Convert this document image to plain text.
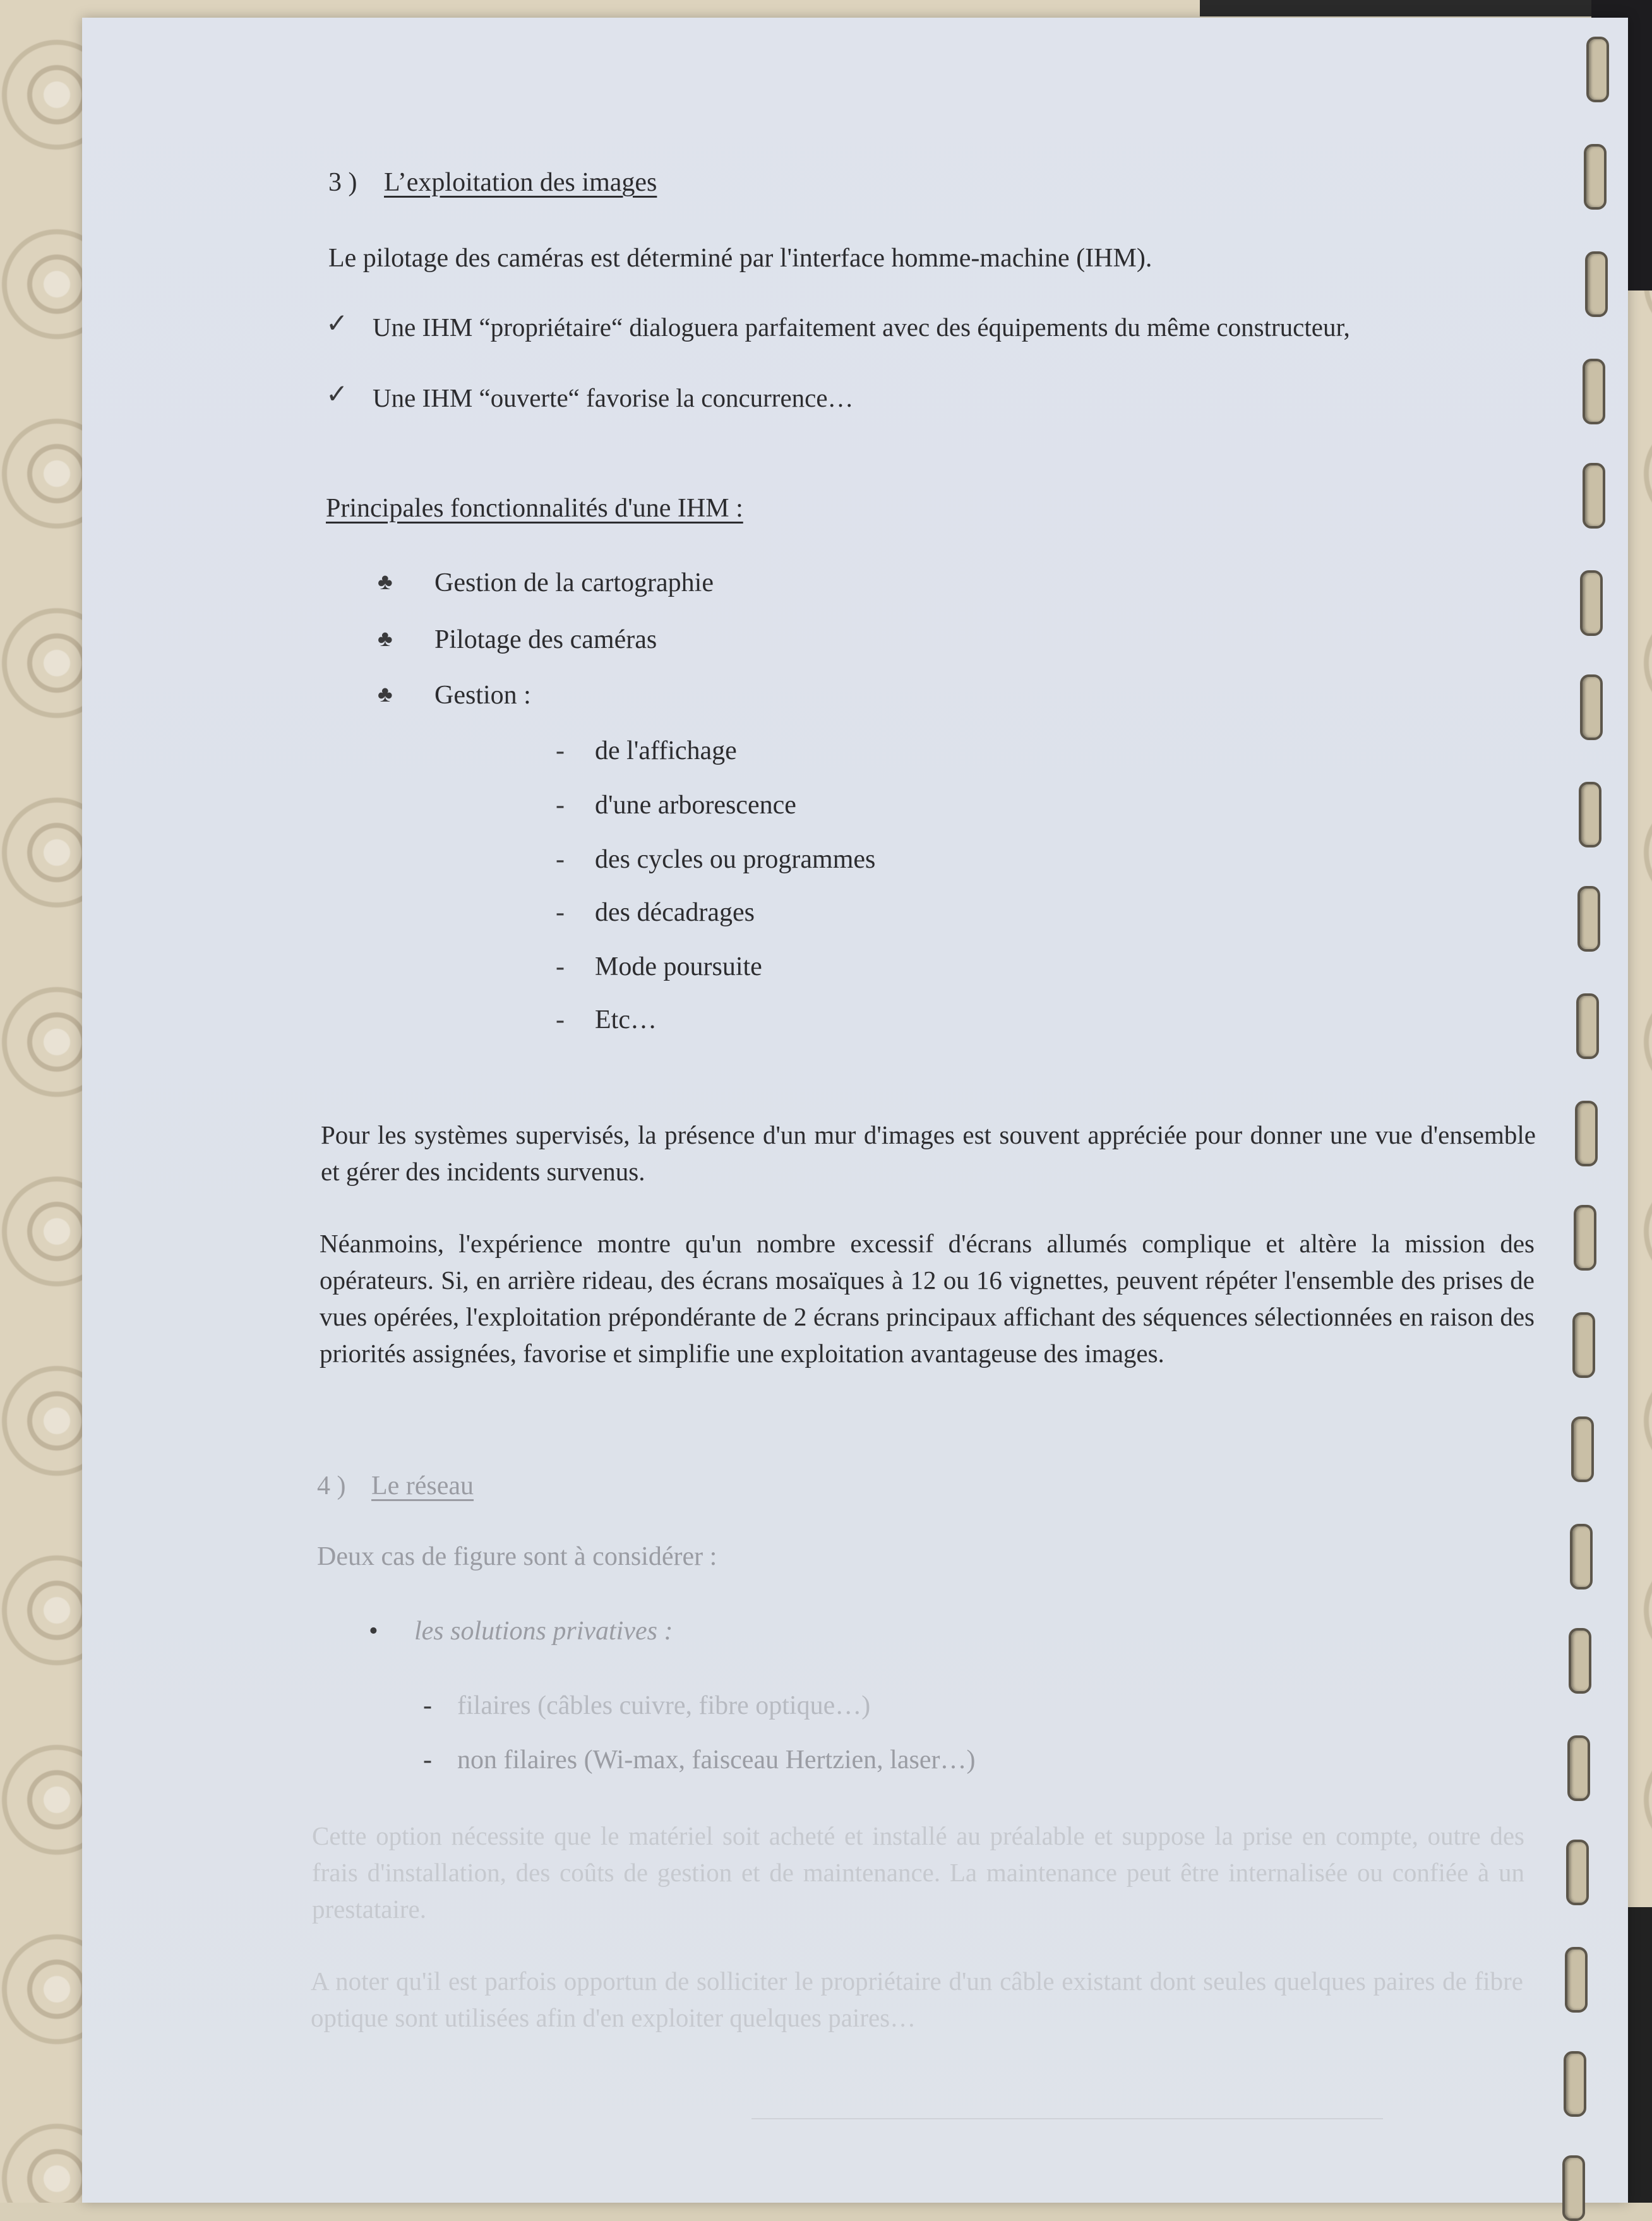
3 ) L’exploitation des images
Le pilotage des caméras est déterminé par l'interface homme-machine (IHM).
✓ Une IHM “propriétaire“ dialoguera parfaitement avec des équipements du même constructeur,
✓ Une IHM “ouverte“ favorise la concurrence…
Principales fonctionnalités d'une IHM :
♣ Gestion de la cartographie
♣ Pilotage des caméras
♣ Gestion :
- de l'affichage
- d'une arborescence
- des cycles ou programmes
- des décadrages
- Mode poursuite
- Etc…
Pour les systèmes supervisés, la présence d'un mur d'images est souvent appréciée pour donner une vue d'ensemble et gérer des incidents survenus.
Néanmoins, l'expérience montre qu'un nombre excessif d'écrans allumés complique et altère la mission des opérateurs. Si, en arrière rideau, des écrans mosaïques à 12 ou 16 vignettes, peuvent répéter l'ensemble des prises de vues opérées, l'exploitation prépondérante de 2 écrans principaux affichant des séquences sélectionnées en raison des priorités assignées, favorise et simplifie une exploitation avantageuse des images.
4 ) Le réseau
Deux cas de figure sont à considérer :
• les solutions privatives :
- filaires (câbles cuivre, fibre optique…)
- non filaires (Wi-max, faisceau Hertzien, laser…)
Cette option nécessite que le matériel soit acheté et installé au préalable et suppose la prise en compte, outre des frais d'installation, des coûts de gestion et de maintenance. La maintenance peut être internalisée ou confiée à un prestataire.
A noter qu'il est parfois opportun de solliciter le propriétaire d'un câble existant dont seules quelques paires de fibre optique sont utilisées afin d'en exploiter quelques paires…
